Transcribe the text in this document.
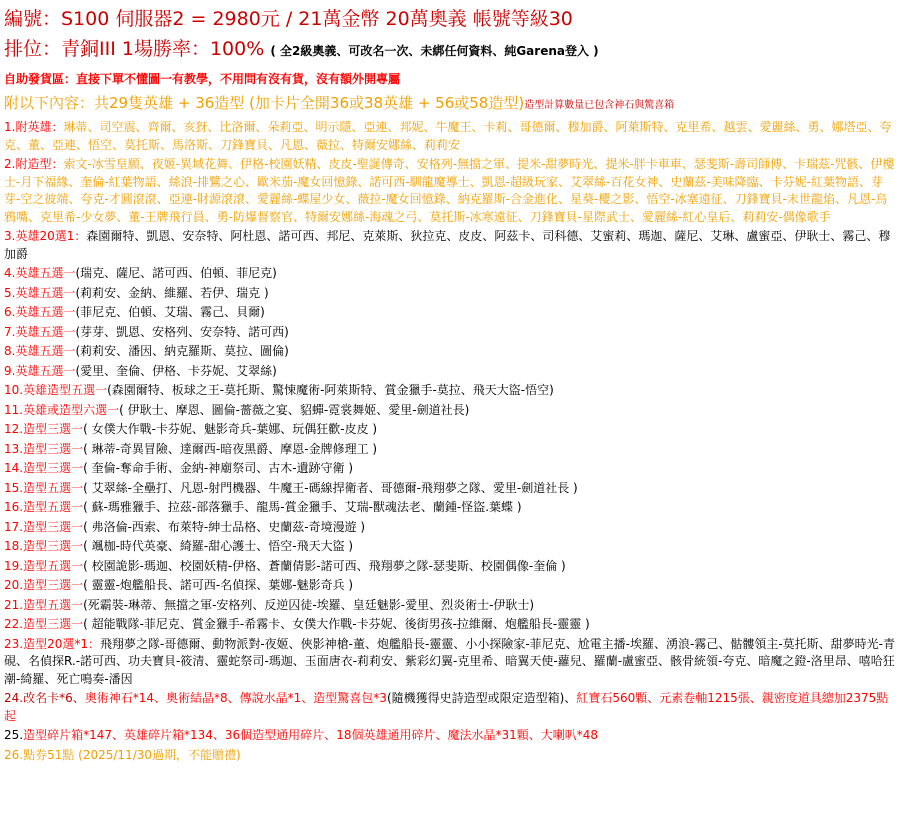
編號：S100 伺服器2 = 2980元 / 21萬金幣 20萬奧義 帳號等級30
排位：青銅III 1場勝率：100% ( 全2級奧義、可改名一次、未綁任何資料、純Garena登入 )
自助發貨區：直接下單不懂圖一有教學，不用問有沒有貨，沒有額外開專屬
附以下內容：共29隻英雄 + 36造型 (加卡片全開36或38英雄 + 56或58造型)造型計算數量已包含神石與驚喜箱
1.附英雄：琳蒂、司空震、齊爾、亥犽、比洛爾、朵莉亞、明示隱、亞連、邦妮、牛魔王、卡莉、哥德爾、穆加爵、阿萊斯特、克里希、越雲、愛麗絲、勇、娜塔亞、夸克、董、亞連、悟空、莫托斯、馬洛斯、刀鋒寶貝、凡恩、薇拉、特爾安娜絲、莉莉安
2.附造型：索文-冰雪皇願、夜姬-異域花舞、伊格-校園妖精、皮皮-聖誕傳奇、安格列-無擋之軍、提米-甜夢時光、提米-胖卡車車、瑟斐斯-壽司師傅、卡瑞茲-咒骸、伊樓士-月下福緣、奎倫-紅葉物語、絲浪-排鷺之心、歐米茄-魔女回憶錄、諾可西-馴龍魔導士、凱恩-超級玩家、艾翠絲-百花女神、史蘭茲-美味降臨、卡芬妮-紅葉物語、芽芽-空之彼端、夸克-才圓滾滾、亞連-財源滾滾、愛麗絲-蝶屋少女、薇拉-魔女回憶錄、納克羅斯-合金進化、星葵-櫻之影、悟空-冰塞遠征、刀鋒寶貝-末世龍焰、凡恩-烏鴉嘴、克里希-少女夢、董-王牌飛行員、勇-防爆督察官、特爾安娜絲-海魂之弓、莫托斯-冰寒遠征、刀鋒寶貝-星際武士、愛麗絲-紅心皇后、莉莉安-偶像歌手
3.英雄20選1：森園爾特、凱恩、安奈特、阿杜恩、諾可西、邦尼、克萊斯、狄拉克、皮皮、阿茲卡、司科德、艾蜜莉、瑪迦、薩尼、艾琳、盧蜜亞、伊耿士、霧己、穆加爵
4.英雄五選一(瑞克、薩尼、諾可西、伯頓、菲尼克)
5.英雄五選一(莉莉安、金納、維羅、若伊、瑞克 )
6.英雄五選一(菲尼克、伯頓、艾瑞、霧己、貝爾)
7.英雄五選一(芽芽、凱恩、安格列、安奈特、諾可西)
8.英雄五選一(莉莉安、潘因、納克羅斯、莫拉、圖倫)
9.英雄五選一(愛里、奎倫、伊格、卡芬妮、艾翠絲)
10.英雄造型五選一(森園爾特、板球之王-莫托斯、驚悚魔術-阿萊斯特、賞金獵手-莫拉、飛天大盜-悟空)
11.英雄或造型六選一( 伊耿士、摩恩、圖倫-薔薇之宴、貂蟬-霓裳舞姬、愛里-劍道社長)
12.造型三選一( 女僕大作戰-卡芬妮、魅影奇兵-葉娜、玩偶狂歡-皮皮 )
13.造型三選一( 琳蒂-奇異冒險、達爾西-暗夜黑爵、摩恩-金牌修理工 )
14.造型三選一( 奎倫-奪命手術、金納-神廟祭司、古木-遺跡守衛 )
15.造型五選一( 艾翠絲-全壘打、凡恩-射門機器、牛魔王-碼線捍衛者、哥德爾-飛翔夢之隊、愛里-劍道社長 )
16.造型五選一( 蘇-瑪雅獵手、拉茲-部落獵手、龍馬-賞金獵手、艾瑞-獸魂法老、蘭鍾-怪盜.葉蝶 )
17.造型三選一( 弗洛倫-西索、布萊特-紳士品格、史蘭茲-奇境漫遊 )
18.造型三選一( 颯枷-時代英豪、綺羅-甜心護士、悟空-飛天大盜 )
19.造型五選一( 校園詭影-瑪迦、校園妖精-伊格、蒼蘭倩影-諾可西、飛翔夢之隊-瑟斐斯、校園偶像-奎倫 )
20.造型三選一( 靈靈-炮艦船長、諾可西-名偵探、葉娜-魅影奇兵 )
21.造型五選一(死霸裝-琳蒂、無擋之軍-安格列、反逆囚徒-埃羅、皇廷魅影-愛里、烈炎術士-伊耿士)
22.造型三選一( 超能戰隊-菲尼克、賞金獵手-希霧卡、女僕大作戰-卡芬妮、後街男孩-拉維爾、炮艦船長-靈靈 )
23.造型20選*1：飛翔夢之隊-哥德爾、動物派對-夜姬、俠影神槍-董、炮艦船長-靈靈、小小探險家-菲尼克、尬電主播-埃羅、湧浪-霧己、骷髏領主-莫托斯、甜夢時光-青硯、名偵探R.-諾可西、功夫寶貝-筱清、靈蛇祭司-瑪迦、玉面唐衣-莉莉安、紫彩幻翼-克里希、暗翼天使-蘿兒、羅蘭-盧蜜亞、骸骨統領-夸克、暗魔之鐙-洛里昂、嘻哈狂潮-綺羅、死亡鳴奏-潘因
24.改名卡*6、奧術神石*14、奧術結晶*8、傳說水晶*1、造型驚喜包*3(隨機獲得史詩造型或限定造型箱)、紅寶石560顆、元素卷軸1215張、親密度道具總加2375點起
25.造型碎片箱*147、英雄碎片箱*134、36個造型通用碎片、18個英雄通用碎片、魔法水晶*31顆、大喇叭*48
26.點券51點 (2025/11/30過期，不能贈禮)
